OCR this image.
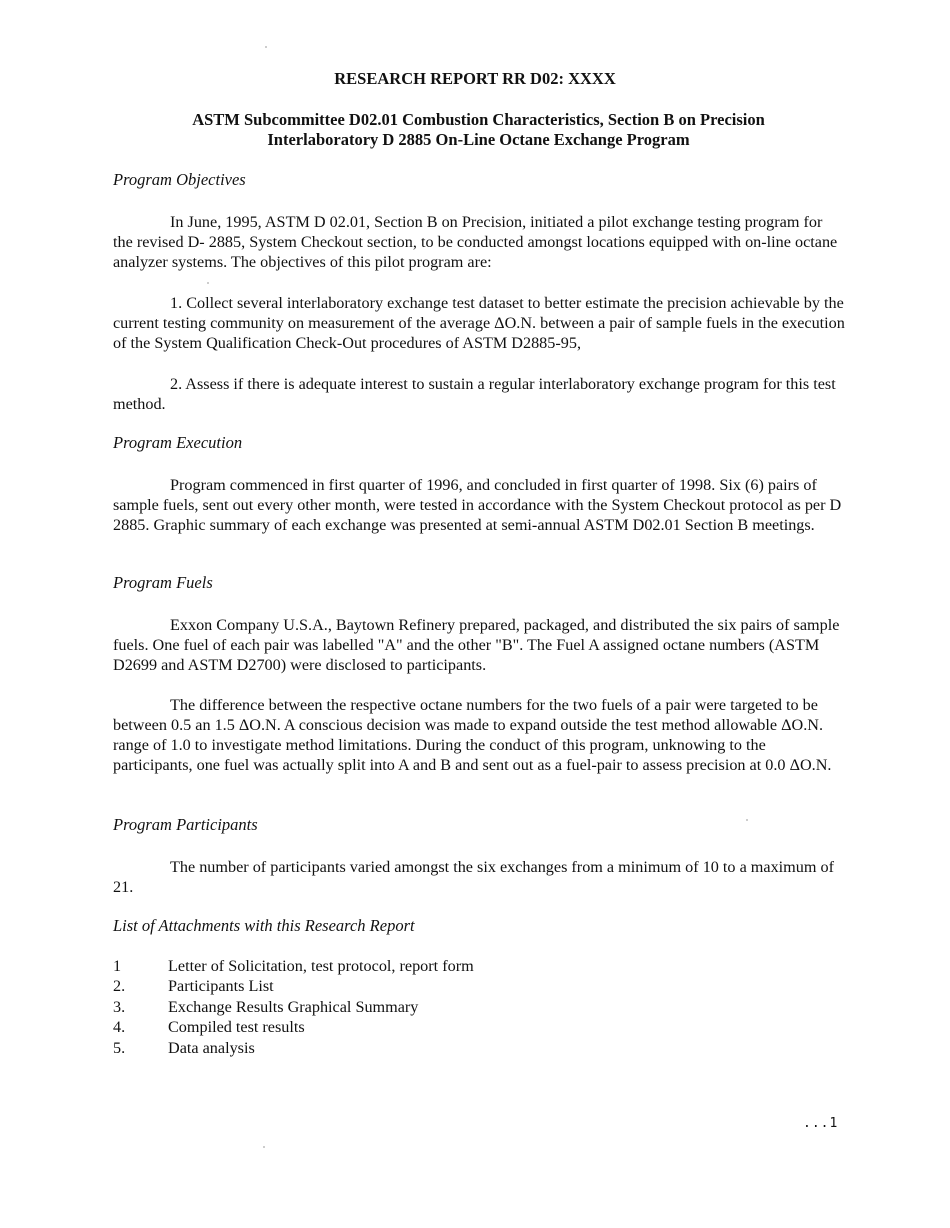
RESEARCH REPORT RR D02: XXXX
ASTM Subcommittee D02.01 Combustion Characteristics, Section B on Precision
Interlaboratory D 2885 On-Line Octane Exchange Program
Program Objectives

In June, 1995, ASTM D 02.01, Section B on Precision, initiated a pilot exchange testing program for the revised D- 2885, System Checkout section, to be conducted amongst locations equipped with on-line octane analyzer systems. The objectives of this pilot program are:

1. Collect several interlaboratory exchange test dataset to better estimate the precision achievable by the current testing community on measurement of the average ΔO.N. between a pair of sample fuels in the execution of the System Qualification Check-Out procedures of ASTM D2885-95,

2. Assess if there is adequate interest to sustain a regular interlaboratory exchange program for this test method.

Program Execution

Program commenced in first quarter of 1996, and concluded in first quarter of 1998. Six (6) pairs of sample fuels, sent out every other month, were tested in accordance with the System Checkout protocol as per D 2885. Graphic summary of each exchange was presented at semi-annual ASTM D02.01 Section B meetings.

Program Fuels

Exxon Company U.S.A., Baytown Refinery prepared, packaged, and distributed the six pairs of sample fuels. One fuel of each pair was labelled "A" and the other "B". The Fuel A assigned octane numbers (ASTM D2699 and ASTM D2700) were disclosed to participants.

The difference between the respective octane numbers for the two fuels of a pair were targeted to be between 0.5 an 1.5 ΔO.N. A conscious decision was made to expand outside the test method allowable ΔO.N. range of 1.0 to investigate method limitations. During the conduct of this program, unknowing to the participants, one fuel was actually split into A and B and sent out as a fuel-pair to assess precision at 0.0 ΔO.N.

Program Participants

The number of participants varied amongst the six exchanges from a minimum of 10 to a maximum of 21.

List of Attachments with this Research Report
1	Letter of Solicitation, test protocol, report form
2.	Participants List
3.	Exchange Results Graphical Summary
4.	Compiled test results
5.	Data analysis
...1
